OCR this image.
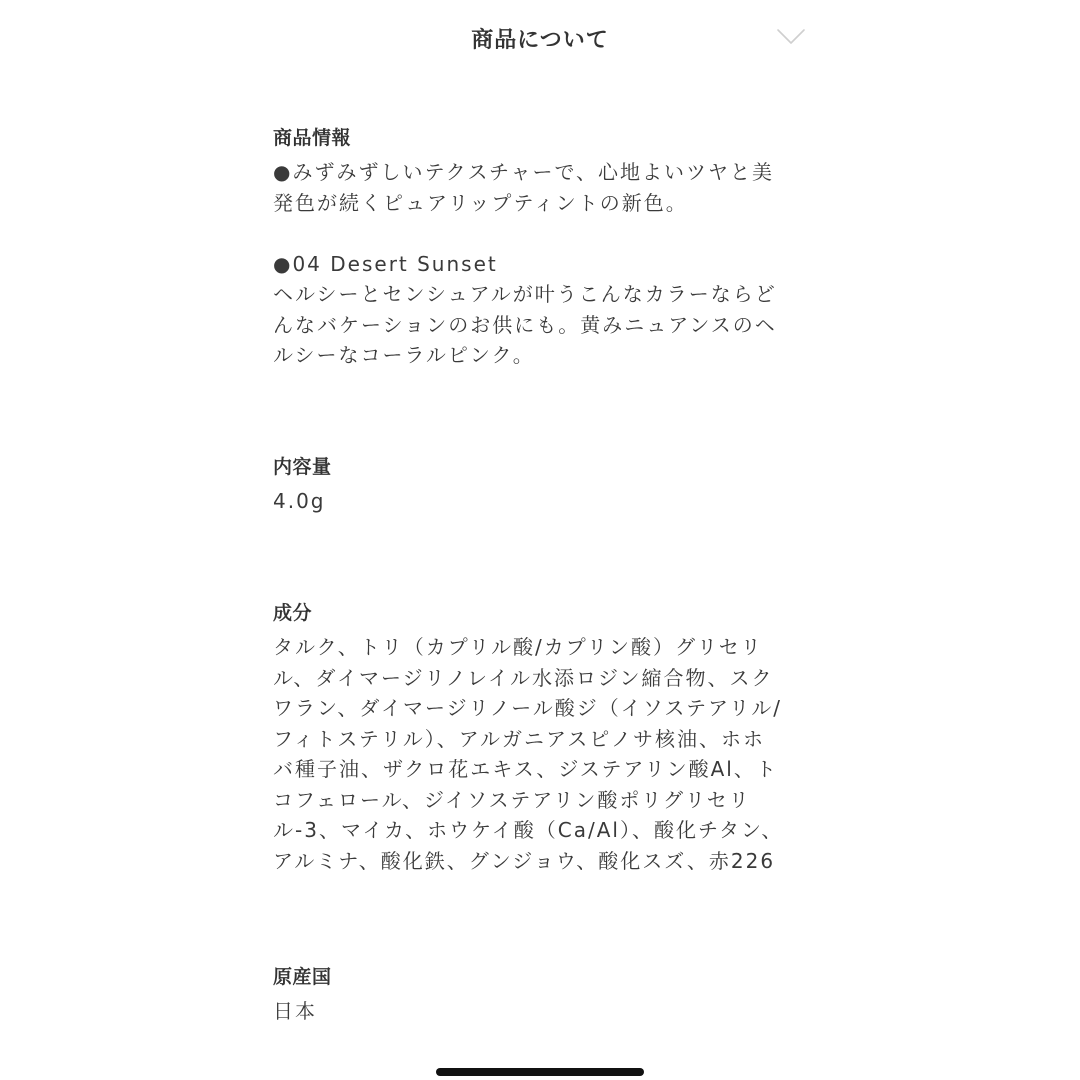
商品について
商品情報
●みずみずしいテクスチャーで、心地よいツヤと美
発色が続くピュアリップティントの新色。

●04 Desert Sunset
ヘルシーとセンシュアルが叶うこんなカラーならど
んなバケーションのお供にも。黄みニュアンスのヘ
ルシーなコーラルピンク。
内容量
4.0g
成分
タルク、トリ（カプリル酸/カプリン酸）グリセリ
ル、ダイマージリノレイル水添ロジン縮合物、スク
ワラン、ダイマージリノール酸ジ（イソステアリル/
フィトステリル）、アルガニアスピノサ核油、ホホ
バ種子油、ザクロ花エキス、ジステアリン酸Al、ト
コフェロール、ジイソステアリン酸ポリグリセリ
ル-3、マイカ、ホウケイ酸（Ca/Al）、酸化チタン、
アルミナ、酸化鉄、グンジョウ、酸化スズ、赤226
原産国
日本
